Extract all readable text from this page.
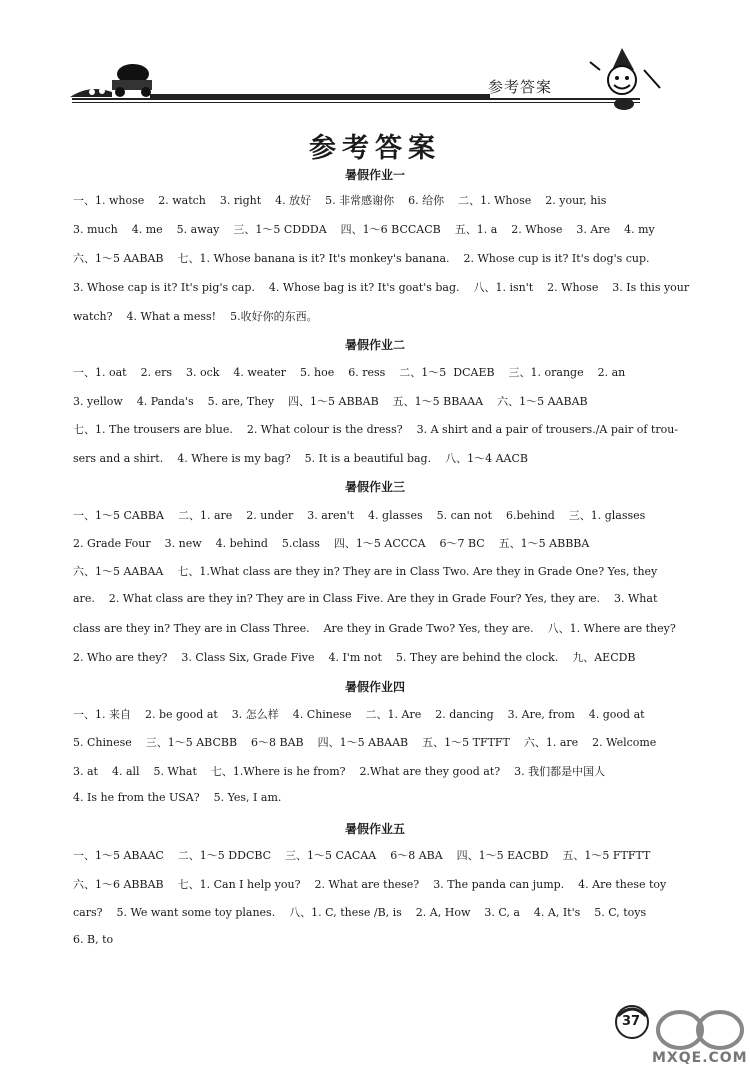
参考答案
参考答案
暑假作业一
一、1. whose    2. watch    3. right    4. 放好    5. 非常感谢你    6. 给你    二、1. Whose    2. your, his
3. much    4. me    5. away    三、1～5 CDDDA    四、1～6 BCCACB    五、1. a    2. Whose    3. Are    4. my
六、1～5 AABAB    七、1. Whose banana is it? It's monkey's banana.    2. Whose cup is it? It's dog's cup.
3. Whose cap is it? It's pig's cap.    4. Whose bag is it? It's goat's bag.    八、1. isn't    2. Whose    3. Is this your
watch?    4. What a mess!    5.收好你的东西。
暑假作业二
一、1. oat    2. ers    3. ock    4. weater    5. hoe    6. ress    二、1～5  DCAEB    三、1. orange    2. an
3. yellow    4. Panda's    5. are, They    四、1～5 ABBAB    五、1～5 BBAAA    六、1～5 AABAB
七、1. The trousers are blue.    2. What colour is the dress?    3. A shirt and a pair of trousers./A pair of trou-
sers and a shirt.    4. Where is my bag?    5. It is a beautiful bag.    八、1～4 AACB
暑假作业三
一、1～5 CABBA    二、1. are    2. under    3. aren't    4. glasses    5. can not    6.behind    三、1. glasses
2. Grade Four    3. new    4. behind    5.class    四、1～5 ACCCA    6～7 BC    五、1～5 ABBBA
六、1～5 AABAA    七、1.What class are they in? They are in Class Two. Are they in Grade One? Yes, they
are.    2. What class are they in? They are in Class Five. Are they in Grade Four? Yes, they are.    3. What
class are they in? They are in Class Three.    Are they in Grade Two? Yes, they are.    八、1. Where are they?
2. Who are they?    3. Class Six, Grade Five    4. I'm not    5. They are behind the clock.    九、AECDB
暑假作业四
一、1. 来自    2. be good at    3. 怎么样    4. Chinese    二、1. Are    2. dancing    3. Are, from    4. good at
5. Chinese    三、1～5 ABCBB    6～8 BAB    四、1～5 ABAAB    五、1～5 TFTFT    六、1. are    2. Welcome
3. at    4. all    5. What    七、1.Where is he from?    2.What are they good at?    3. 我们都是中国人
4. Is he from the USA?    5. Yes, I am.
暑假作业五
一、1～5 ABAAC    二、1～5 DDCBC    三、1～5 CACAA    6～8 ABA    四、1～5 EACBD    五、1～5 FTFTT
六、1～6 ABBAB    七、1. Can I help you?    2. What are these?    3. The panda can jump.    4. Are these toy
cars?    5. We want some toy planes.    八、1. C, these /B, is    2. A, How    3. C, a    4. A, It's    5. C, toys
6. B, to
37
MXQE.COM
